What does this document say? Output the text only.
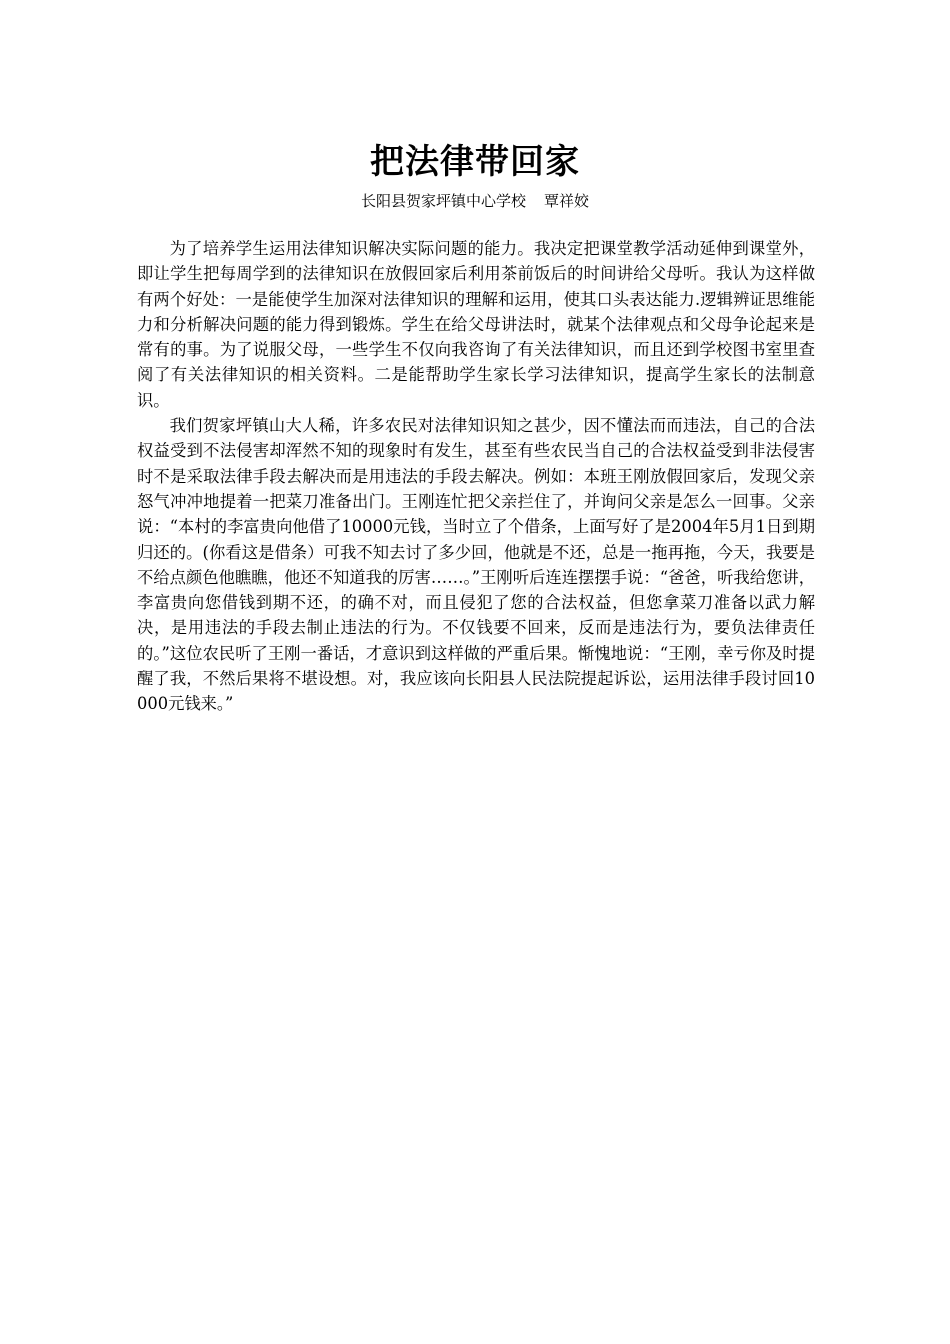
把法律带回家
长阳县贺家坪镇中心学校 覃祥姣

为了培养学生运用法律知识解决实际问题的能力。我决定把课堂教学活动延伸到课堂外，即让学生把每周学到的法律知识在放假回家后利用茶前饭后的时间讲给父母听。我认为这样做有两个好处：一是能使学生加深对法律知识的理解和运用，使其口头表达能力.逻辑辨证思维能力和分析解决问题的能力得到锻炼。学生在给父母讲法时，就某个法律观点和父母争论起来是常有的事。为了说服父母，一些学生不仅向我咨询了有关法律知识，而且还到学校图书室里查阅了有关法律知识的相关资料。二是能帮助学生家长学习法律知识，提高学生家长的法制意识。

我们贺家坪镇山大人稀，许多农民对法律知识知之甚少，因不懂法而而违法，自己的合法权益受到不法侵害却浑然不知的现象时有发生，甚至有些农民当自己的合法权益受到非法侵害时不是采取法律手段去解决而是用违法的手段去解决。例如：本班王刚放假回家后，发现父亲怒气冲冲地提着一把菜刀准备出门。王刚连忙把父亲拦住了，并询问父亲是怎么一回事。父亲说：“本村的李富贵向他借了10000元钱，当时立了个借条，上面写好了是2004年5月1日到期归还的。(你看这是借条）可我不知去讨了多少回，他就是不还，总是一拖再拖，今天，我要是不给点颜色他瞧瞧，他还不知道我的厉害……。”王刚听后连连摆摆手说：“爸爸，听我给您讲，李富贵向您借钱到期不还，的确不对，而且侵犯了您的合法权益，但您拿菜刀准备以武力解决，是用违法的手段去制止违法的行为。不仅钱要不回来，反而是违法行为，要负法律责任的。”这位农民听了王刚一番话，才意识到这样做的严重后果。惭愧地说：“王刚，幸亏你及时提醒了我，不然后果将不堪设想。对，我应该向长阳县人民法院提起诉讼，运用法律手段讨回10000元钱来。”
